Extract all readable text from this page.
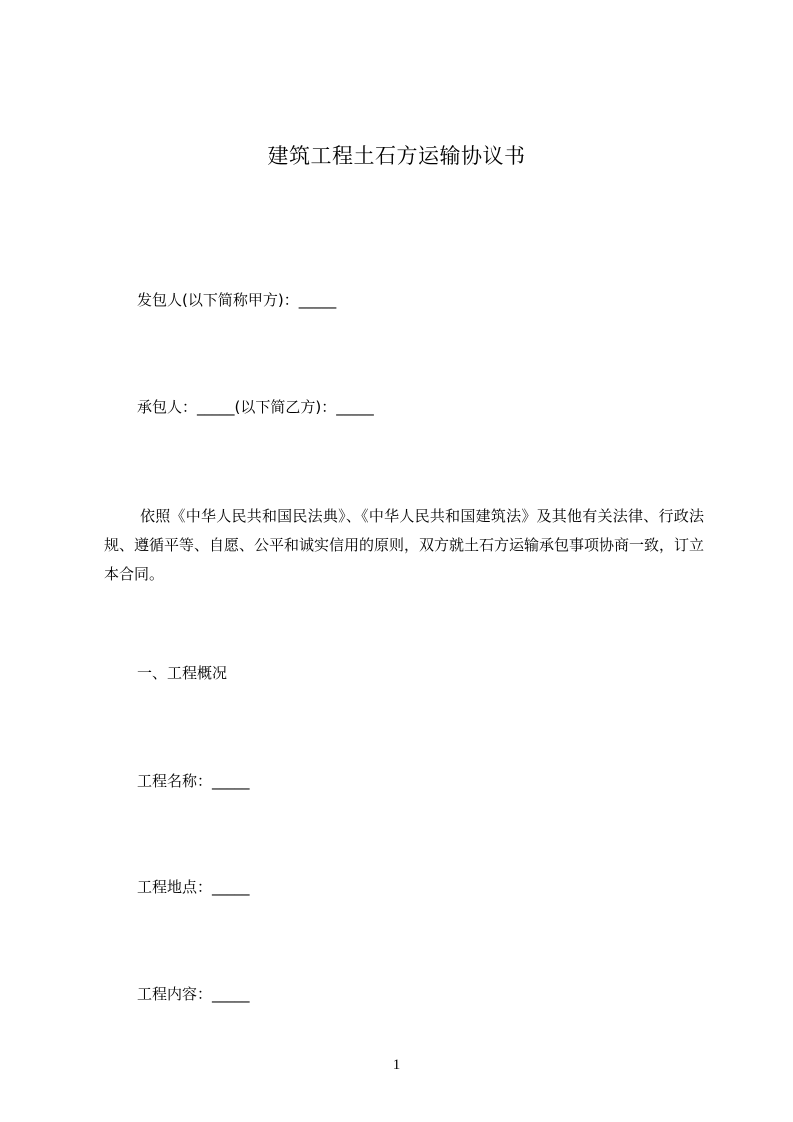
建筑工程土石方运输协议书
发包人(以下简称甲方)：_____
承包人：_____(以下简乙方)：_____
依照《中华人民共和国民法典》、《中华人民共和国建筑法》及其他有关法律、行政法规、遵循平等、自愿、公平和诚实信用的原则，双方就土石方运输承包事项协商一致，订立本合同。
一、工程概况
工程名称：_____
工程地点：_____
工程内容：_____
1
